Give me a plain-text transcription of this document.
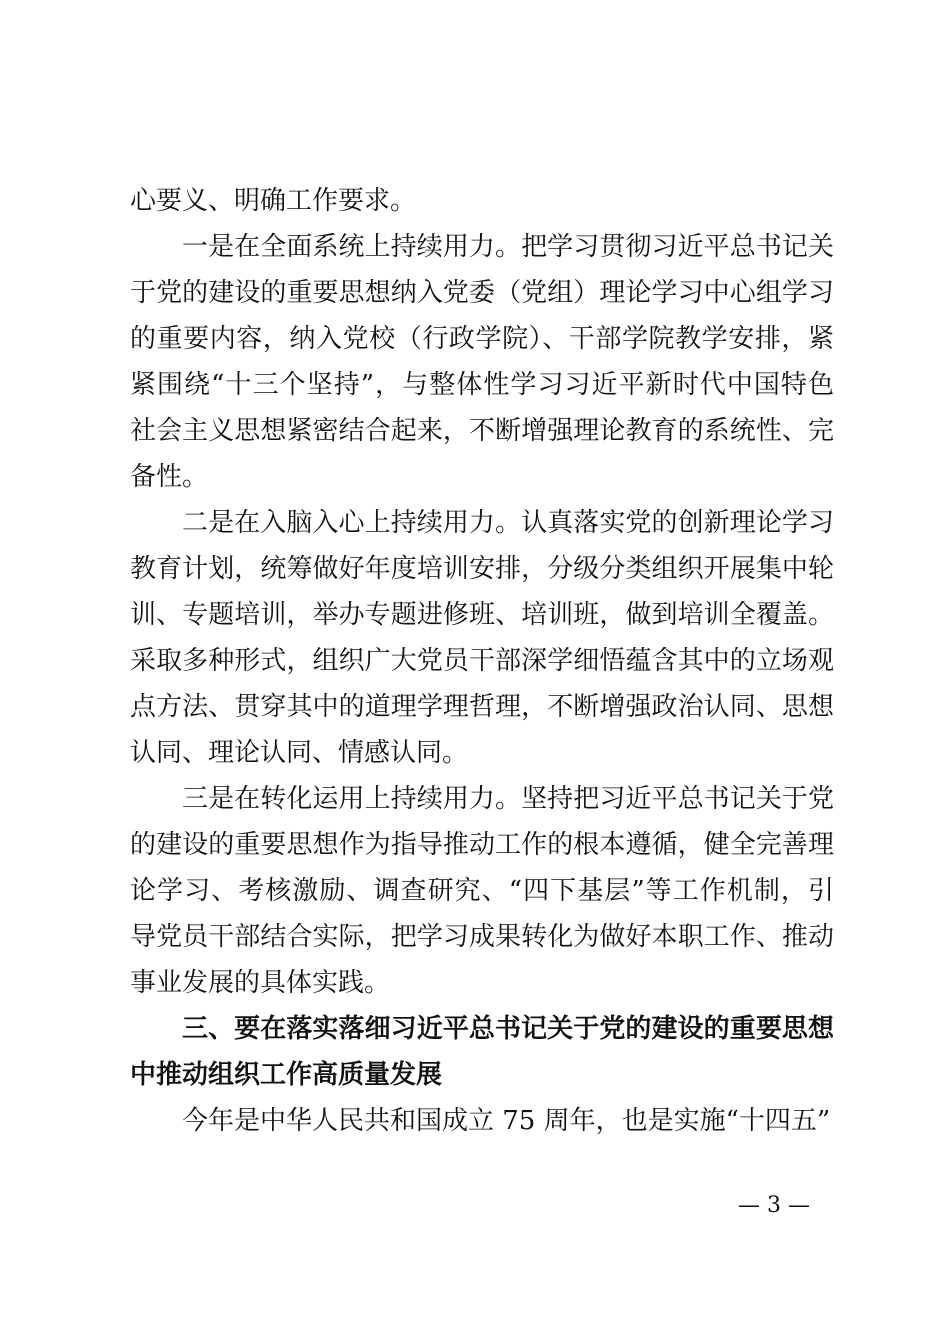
心要义、明确工作要求。
一是在全面系统上持续用力。把学习贯彻习近平总书记关
于党的建设的重要思想纳入党委（党组）理论学习中心组学习
的重要内容，纳入党校（行政学院）、干部学院教学安排，紧
紧围绕“十三个坚持”，与整体性学习习近平新时代中国特色
社会主义思想紧密结合起来，不断增强理论教育的系统性、完
备性。
二是在入脑入心上持续用力。认真落实党的创新理论学习
教育计划，统筹做好年度培训安排，分级分类组织开展集中轮
训、专题培训，举办专题进修班、培训班，做到培训全覆盖。
采取多种形式，组织广大党员干部深学细悟蕴含其中的立场观
点方法、贯穿其中的道理学理哲理，不断增强政治认同、思想
认同、理论认同、情感认同。
三是在转化运用上持续用力。坚持把习近平总书记关于党
的建设的重要思想作为指导推动工作的根本遵循，健全完善理
论学习、考核激励、调查研究、“四下基层”等工作机制，引
导党员干部结合实际，把学习成果转化为做好本职工作、推动
事业发展的具体实践。
三、要在落实落细习近平总书记关于党的建设的重要思想
中推动组织工作高质量发展
今年是中华人民共和国成立 75 周年，也是实施“十四五”
— 3 —
